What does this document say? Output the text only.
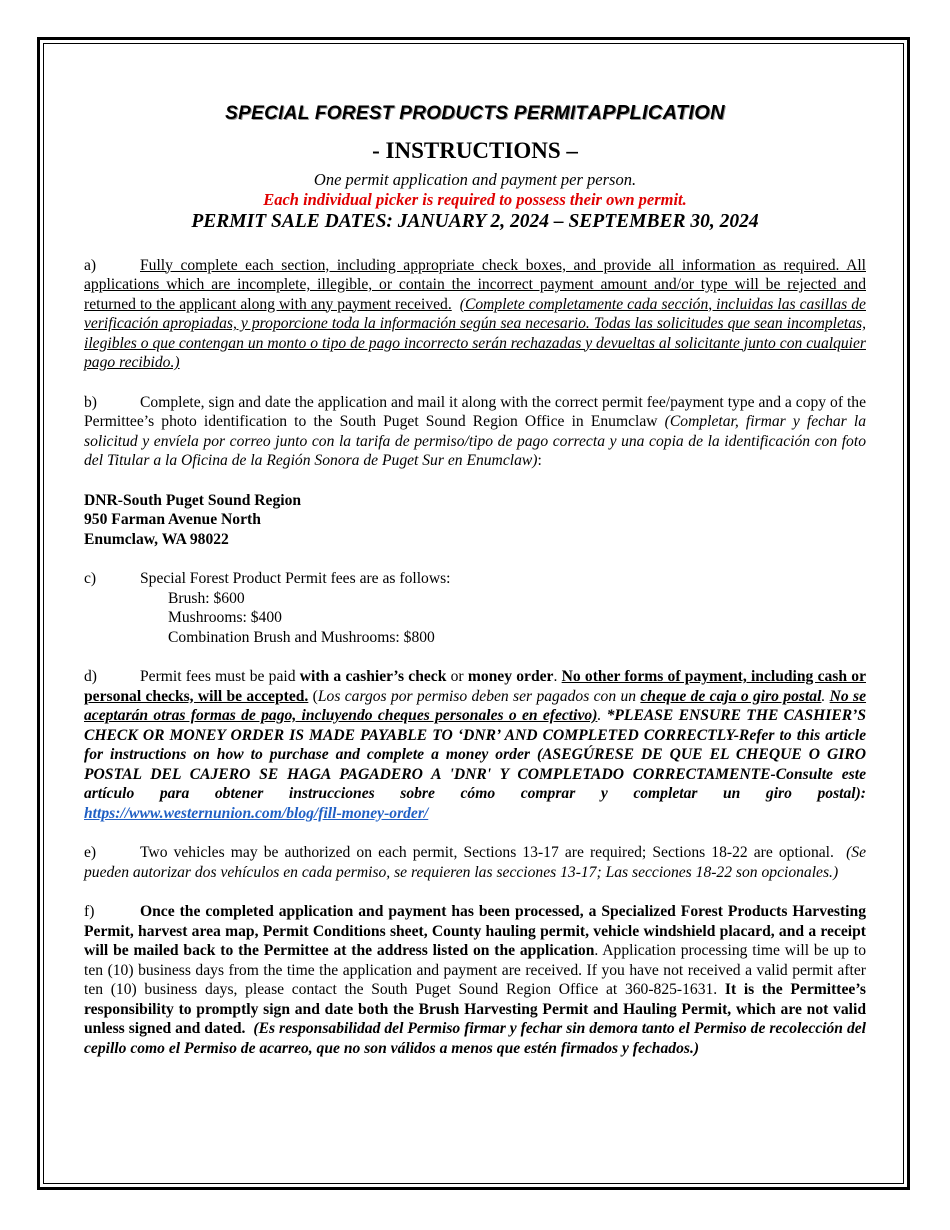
SPECIAL FOREST PRODUCTS PERMITAPPLICATION
- INSTRUCTIONS –
One permit application and payment per person.
Each individual picker is required to possess their own permit.
PERMIT SALE DATES: JANUARY 2, 2024 – SEPTEMBER 30, 2024
a)	Fully complete each section, including appropriate check boxes, and provide all information as required. All applications which are incomplete, illegible, or contain the incorrect payment amount and/or type will be rejected and returned to the applicant along with any payment received. (Complete completamente cada sección, incluidas las casillas de verificación apropiadas, y proporcione toda la información según sea necesario. Todas las solicitudes que sean incompletas, ilegibles o que contengan un monto o tipo de pago incorrecto serán rechazadas y devueltas al solicitante junto con cualquier pago recibido.)
b)	Complete, sign and date the application and mail it along with the correct permit fee/payment type and a copy of the Permittee’s photo identification to the South Puget Sound Region Office in Enumclaw (Completar, firmar y fechar la solicitud y envíela por correo junto con la tarifa de permiso/tipo de pago correcta y una copia de la identificación con foto del Titular a la Oficina de la Región Sonora de Puget Sur en Enumclaw):
DNR-South Puget Sound Region
950 Farman Avenue North
Enumclaw, WA 98022
c)	Special Forest Product Permit fees are as follows:
Brush: $600
Mushrooms: $400
Combination Brush and Mushrooms: $800
d)	Permit fees must be paid with a cashier’s check or money order. No other forms of payment, including cash or personal checks, will be accepted. (Los cargos por permiso deben ser pagados con un cheque de caja o giro postal. No se aceptarán otras formas de pago, incluyendo cheques personales o en efectivo). *PLEASE ENSURE THE CASHIER’S CHECK OR MONEY ORDER IS MADE PAYABLE TO ‘DNR’ AND COMPLETED CORRECTLY-Refer to this article for instructions on how to purchase and complete a money order (ASEGÚRESE DE QUE EL CHEQUE O GIRO POSTAL DEL CAJERO SE HAGA PAGADERO A 'DNR' Y COMPLETADO CORRECTAMENTE-Consulte este artículo para obtener instrucciones sobre cómo comprar y completar un giro postal): https://www.westernunion.com/blog/fill-money-order/
e)	Two vehicles may be authorized on each permit, Sections 13-17 are required; Sections 18-22 are optional. (Se pueden autorizar dos vehículos en cada permiso, se requieren las secciones 13-17; Las secciones 18-22 son opcionales.)
f)	Once the completed application and payment has been processed, a Specialized Forest Products Harvesting Permit, harvest area map, Permit Conditions sheet, County hauling permit, vehicle windshield placard, and a receipt will be mailed back to the Permittee at the address listed on the application. Application processing time will be up to ten (10) business days from the time the application and payment are received. If you have not received a valid permit after ten (10) business days, please contact the South Puget Sound Region Office at 360-825-1631. It is the Permittee’s responsibility to promptly sign and date both the Brush Harvesting Permit and Hauling Permit, which are not valid unless signed and dated. (Es responsabilidad del Permiso firmar y fechar sin demora tanto el Permiso de recolección del cepillo como el Permiso de acarreo, que no son válidos a menos que estén firmados y fechados.)
